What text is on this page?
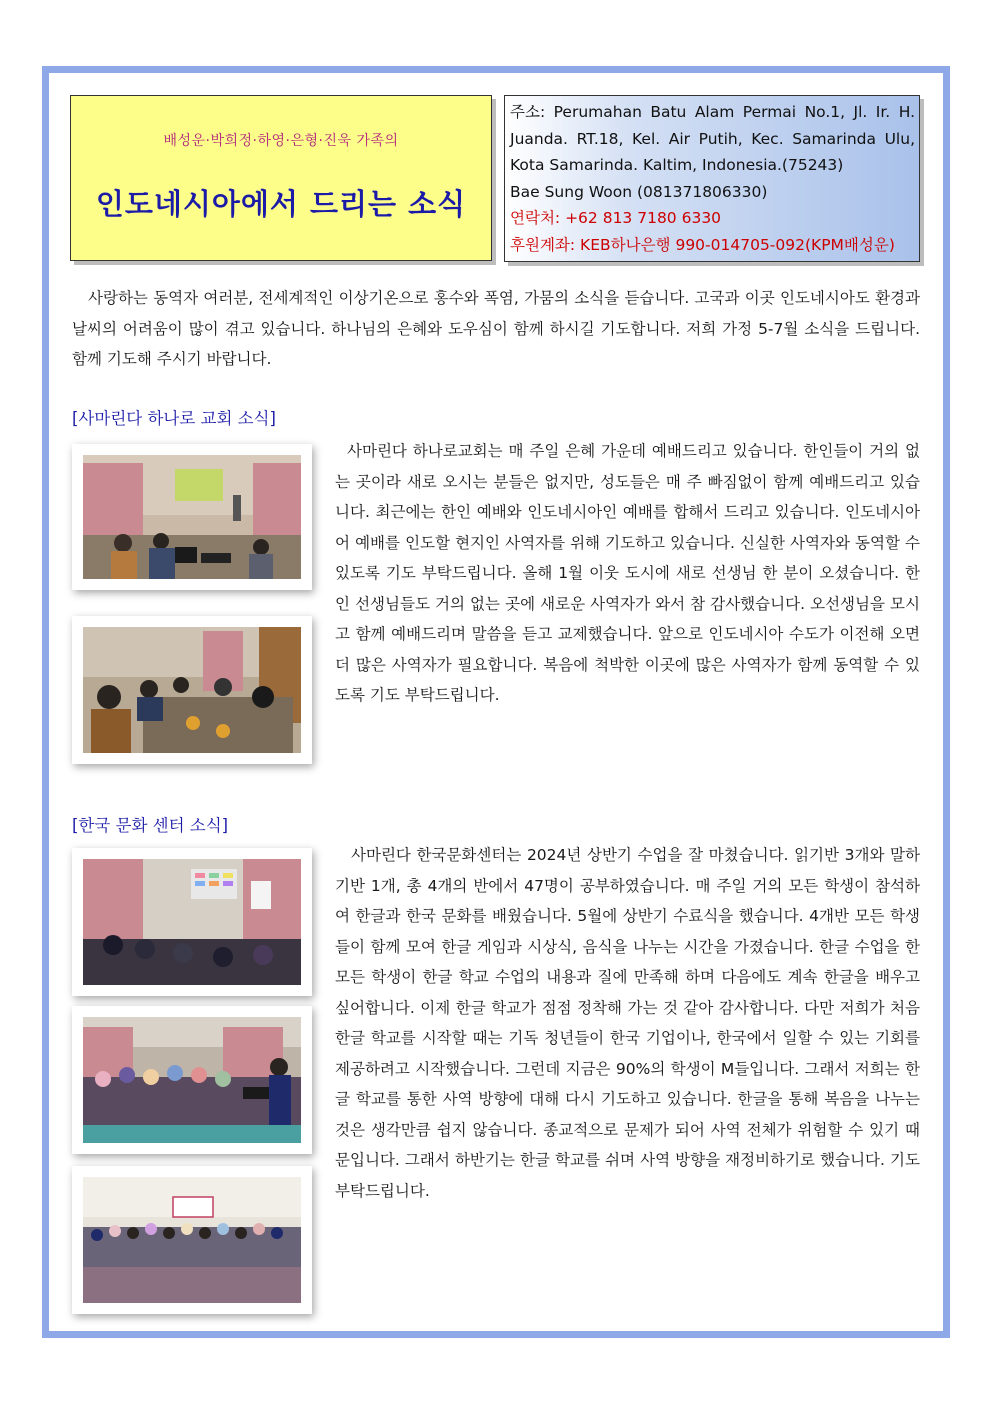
배성운·박희정·하영·은형·진욱 가족의
인도네시아에서 드리는 소식
주소: Perumahan Batu Alam Permai No.1, Jl. Ir. H.
Juanda. RT.18, Kel. Air Putih, Kec. Samarinda Ulu,
Kota Samarinda. Kaltim, Indonesia.(75243)
Bae Sung Woon (081371806330)
연락처: +62 813 7180 6330
후원계좌: KEB하나은행 990-014705-092(KPM배성운)
사랑하는 동역자 여러분, 전세계적인 이상기온으로 홍수와 폭염, 가뭄의 소식을 듣습니다. 고국과 이곳 인도네시아도 환경과 날씨의 어려움이 많이 겪고 있습니다. 하나님의 은혜와 도우심이 함께 하시길 기도합니다. 저희 가정 5-7월 소식을 드립니다. 함께 기도해 주시기 바랍니다.
[사마린다 하나로 교회 소식]
사마린다 하나로교회는 매 주일 은혜 가운데 예배드리고 있습니다. 한인들이 거의 없는 곳이라 새로 오시는 분들은 없지만, 성도들은 매 주 빠짐없이 함께 예배드리고 있습니다. 최근에는 한인 예배와 인도네시아인 예배를 합해서 드리고 있습니다. 인도네시아어 예배를 인도할 현지인 사역자를 위해 기도하고 있습니다. 신실한 사역자와 동역할 수 있도록 기도 부탁드립니다. 올해 1월 이웃 도시에 새로 선생님 한 분이 오셨습니다. 한인 선생님들도 거의 없는 곳에 새로운 사역자가 와서 참 감사했습니다. 오선생님을 모시고 함께 예배드리며 말씀을 듣고 교제했습니다. 앞으로 인도네시아 수도가 이전해 오면 더 많은 사역자가 필요합니다. 복음에 척박한 이곳에 많은 사역자가 함께 동역할 수 있도록 기도 부탁드립니다.
[한국 문화 센터 소식]
사마린다 한국문화센터는 2024년 상반기 수업을 잘 마쳤습니다. 읽기반 3개와 말하기반 1개, 총 4개의 반에서 47명이 공부하였습니다. 매 주일 거의 모든 학생이 참석하여 한글과 한국 문화를 배웠습니다. 5월에 상반기 수료식을 했습니다. 4개반 모든 학생들이 함께 모여 한글 게임과 시상식, 음식을 나누는 시간을 가졌습니다. 한글 수업을 한 모든 학생이 한글 학교 수업의 내용과 질에 만족해 하며 다음에도 계속 한글을 배우고 싶어합니다. 이제 한글 학교가 점점 정착해 가는 것 같아 감사합니다. 다만 저희가 처음 한글 학교를 시작할 때는 기독 청년들이 한국 기업이나, 한국에서 일할 수 있는 기회를 제공하려고 시작했습니다. 그런데 지금은 90%의 학생이 M들입니다. 그래서 저희는 한글 학교를 통한 사역 방향에 대해 다시 기도하고 있습니다. 한글을 통해 복음을 나누는 것은 생각만큼 쉽지 않습니다. 종교적으로 문제가 되어 사역 전체가 위험할 수 있기 때문입니다. 그래서 하반기는 한글 학교를 쉬며 사역 방향을 재정비하기로 했습니다. 기도 부탁드립니다.
